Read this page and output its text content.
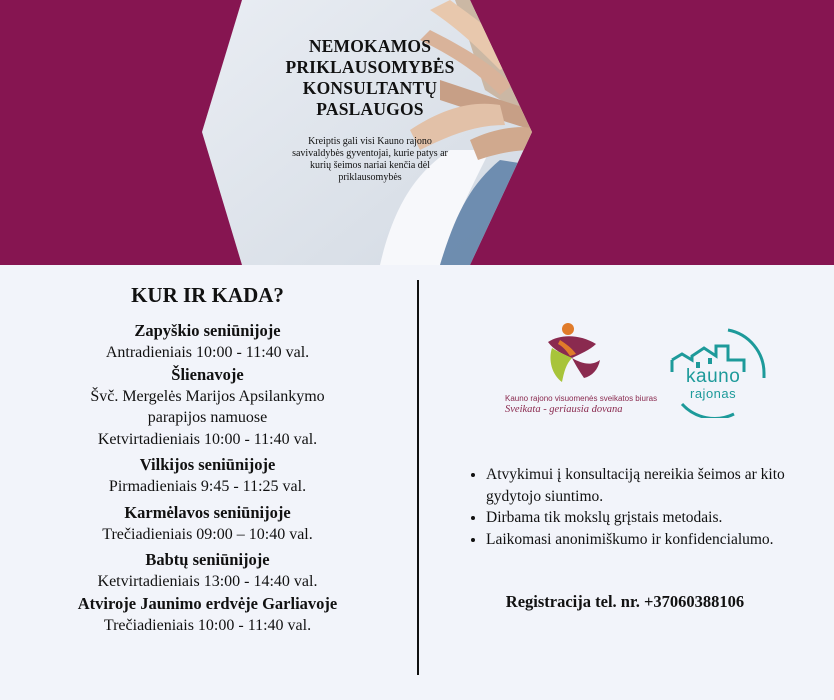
NEMOKAMOS PRIKLAUSOMYBĖS KONSULTANTŲ PASLAUGOS

Kreiptis gali visi Kauno rajono savivaldybės gyventojai, kurie patys ar kurių šeimos nariai kenčia dėl priklausomybės
KUR IR KADA?
Zapyškio seniūnijoje
Antradieniais 10:00 - 11:40 val.
Šlienavoje
Švč. Mergelės Marijos Apsilankymo
parapijos namuose
Ketvirtadieniais 10:00 - 11:40 val.
Vilkijos seniūnijoje
Pirmadieniais 9:45 - 11:25 val.
Karmėlavos seniūnijoje
Trečiadieniais 09:00 – 10:40 val.
Babtų seniūnijoje
Ketvirtadieniais 13:00 - 14:40 val.
Atviroje Jaunimo erdvėje Garliavoje
Trečiadieniais 10:00 - 11:40 val.
Kauno rajono visuomenės sveikatos biuras
Sveikata - geriausia dovana
kauno
rajonas
• Atvykimui į konsultaciją nereikia šeimos ar kito gydytojo siuntimo.
• Dirbama tik mokslų grįstais metodais.
• Laikomasi anonimiškumo ir konfidencialumo.
Registracija tel. nr. +37060388106
